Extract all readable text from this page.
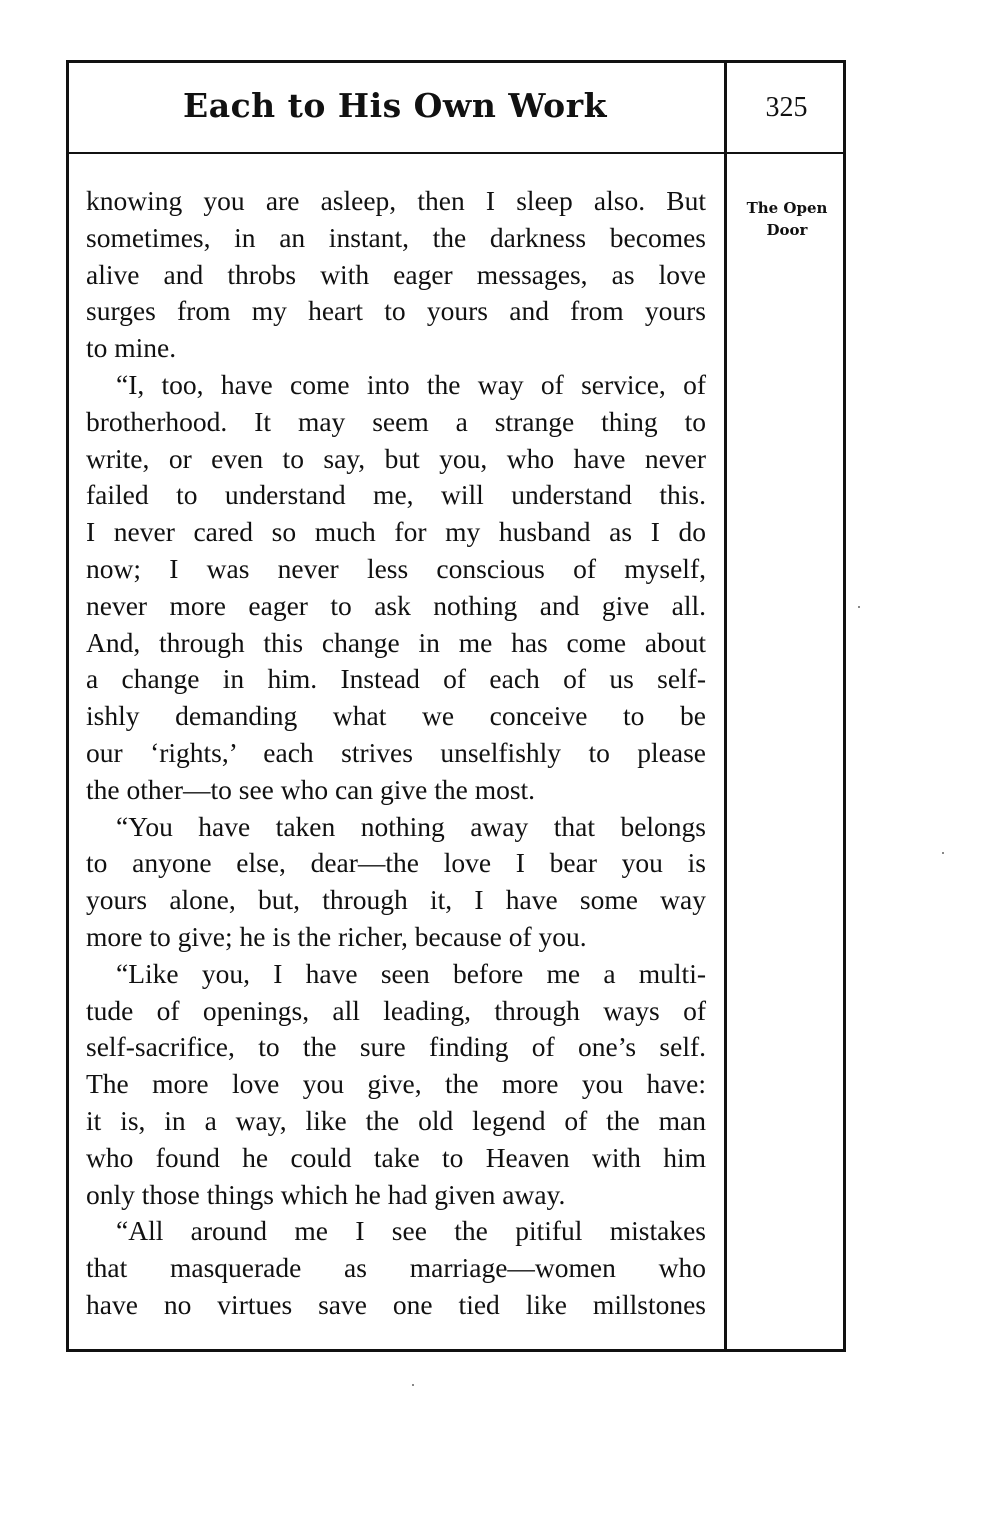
Each to His Own Work	325
The Open
Door
knowing you are asleep, then I sleep also. But
sometimes, in an instant, the darkness becomes
alive and throbs with eager messages, as love
surges from my heart to yours and from yours
to mine.
“I, too, have come into the way of service, of
brotherhood. It may seem a strange thing to
write, or even to say, but you, who have never
failed to understand me, will understand this.
I never cared so much for my husband as I do
now; I was never less conscious of myself,
never more eager to ask nothing and give all.
And, through this change in me has come about
a change in him. Instead of each of us self-
ishly demanding what we conceive to be
our ‘rights,’ each strives unselfishly to please
the other—to see who can give the most.
“You have taken nothing away that belongs
to anyone else, dear—the love I bear you is
yours alone, but, through it, I have some way
more to give; he is the richer, because of you.
“Like you, I have seen before me a multi-
tude of openings, all leading, through ways of
self-sacrifice, to the sure finding of one’s self.
The more love you give, the more you have:
it is, in a way, like the old legend of the man
who found he could take to Heaven with him
only those things which he had given away.
“All around me I see the pitiful mistakes
that masquerade as marriage—women who
have no virtues save one tied like millstones
